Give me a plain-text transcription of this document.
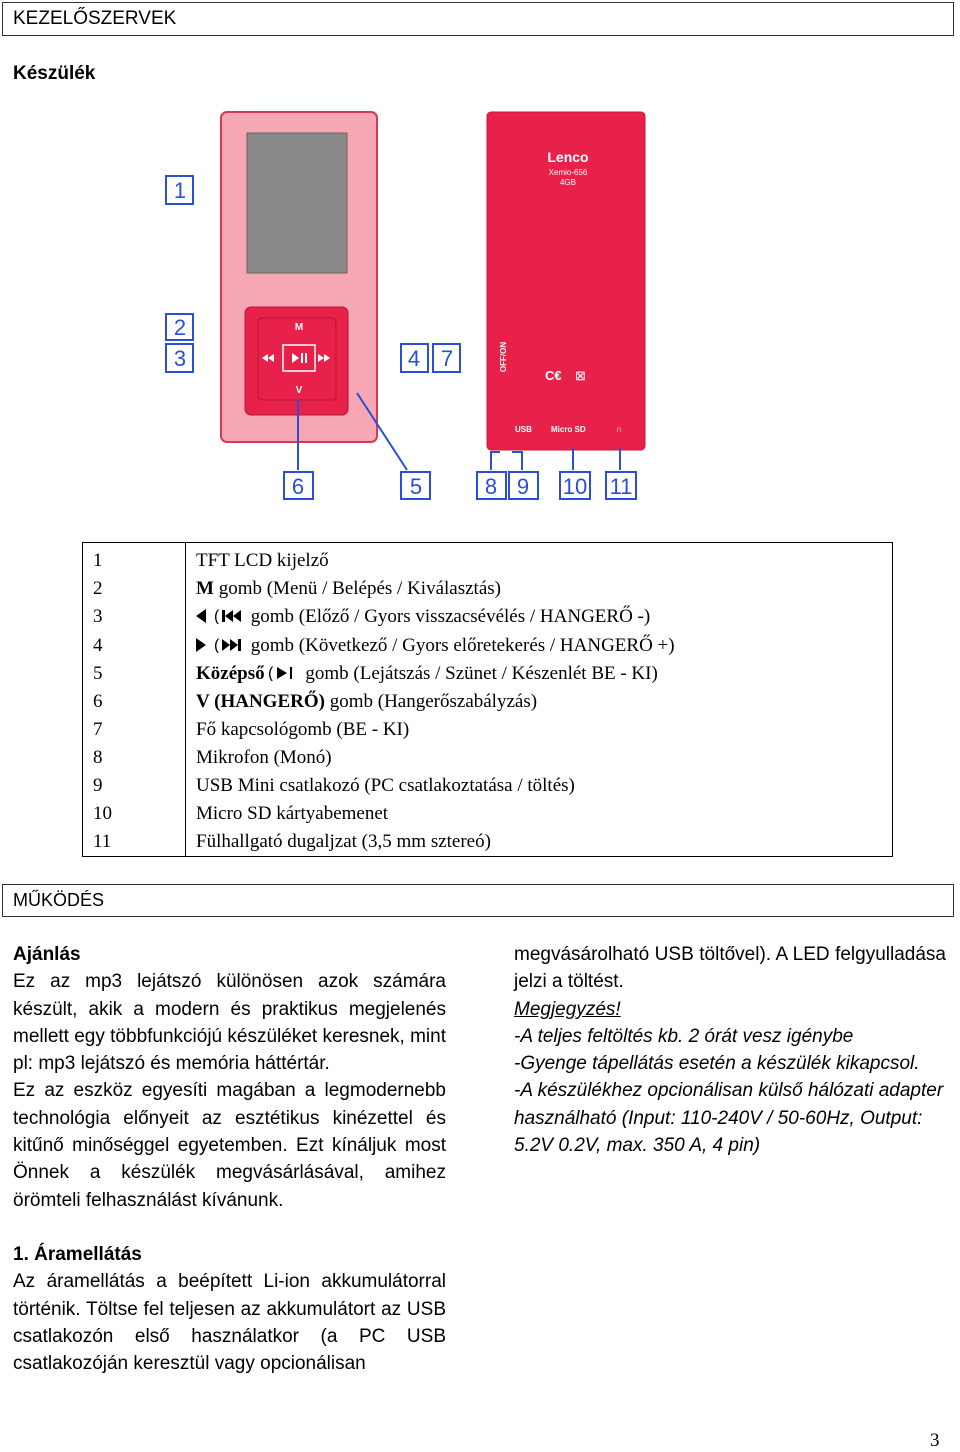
KEZELŐSZERVEK
Készülék
M
V
Lenco
Xemio-656
4GB
OFF/ON
C€ ⊠
USB Micro SD	∩
1
2
3	4
5
6
7
8 9 10 11
1	TFT LCD kijelző
2	M gomb (Menü / Belépés / Kiválasztás)
3	( gomb (Előző / Gyors visszacsévélés / HANGERŐ -)
4	( gomb (Következő / Gyors előretekerés / HANGERŐ +)
5	Középső ( gomb (Lejátszás / Szünet / Készenlét BE - KI)
6	V (HANGERŐ) gomb (Hangerőszabályzás)
7	Fő kapcsológomb (BE - KI)
8	Mikrofon (Monó)
9	USB Mini csatlakozó (PC csatlakoztatása / töltés)
10	Micro SD kártyabemenet
11	Fülhallgató dugaljzat (3,5 mm sztereó)
MŰKÖDÉS

Ajánlás

Ez az mp3 lejátszó különösen azok számára készült, akik a modern és praktikus megjelenés mellett egy többfunkciójú készüléket keresnek, mint pl: mp3 lejátszó és memória háttértár.

Ez az eszköz egyesíti magában a legmodernebb technológia előnyeit az esztétikus kinézettel és kitűnő minőséggel egyetemben. Ezt kínáljuk most Önnek a készülék megvásárlásával, amihez örömteli felhasználást kívánunk.

1. Áramellátás

Az áramellátás a beépített Li-ion akkumulátorral történik. Töltse fel teljesen az akkumulátort az USB csatlakozón első használatkor (a PC USB csatlakozóján keresztül vagy opcionálisan

megvásárolható USB töltővel). A LED felgyulladása jelzi a töltést.

Megjegyzés!

-A teljes feltöltés kb. 2 órát vesz igénybe

-Gyenge tápellátás esetén a készülék kikapcsol.

-A készülékhez opcionálisan külső hálózati adapter használható (Input: 110-240V / 50-60Hz, Output: 5.2V 0.2V, max. 350 A, 4 pin)

3
